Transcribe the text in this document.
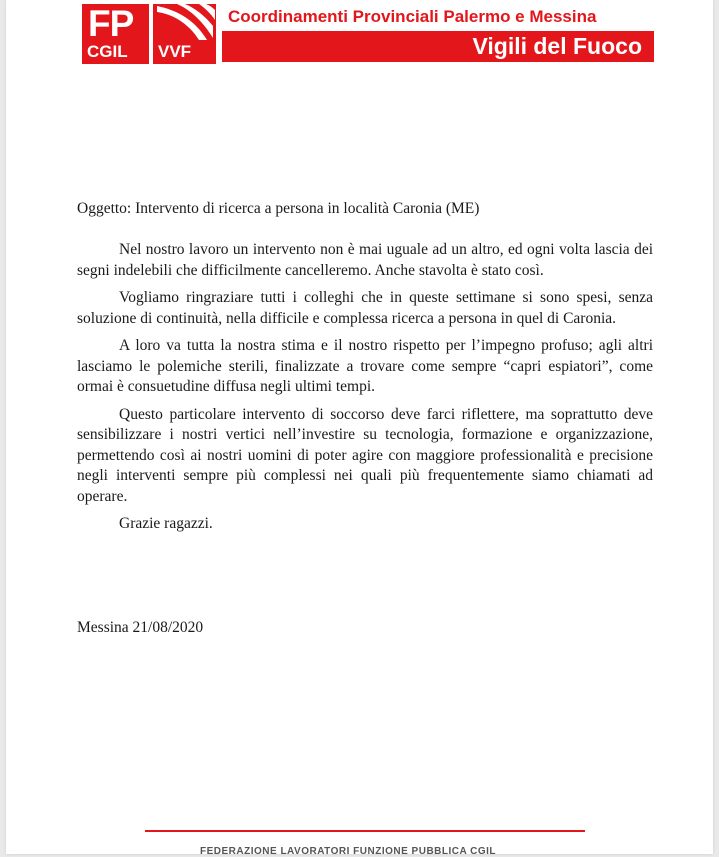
FP
CGIL VVF
Coordinamenti Provinciali Palermo e Messina
Vigili del Fuoco
Oggetto: Intervento di ricerca a persona in località Caronia (ME)

Nel nostro lavoro un intervento non è mai uguale ad un altro, ed ogni volta lascia dei segni indelebili che difficilmente cancelleremo. Anche stavolta è stato così.

Vogliamo ringraziare tutti i colleghi che in queste settimane si sono spesi, senza soluzione di continuità, nella difficile e complessa ricerca a persona in quel di Caronia.

A loro va tutta la nostra stima e il nostro rispetto per l’impegno profuso; agli altri lasciamo le polemiche sterili, finalizzate a trovare come sempre “capri espiatori”, come ormai è consuetudine diffusa negli ultimi tempi.

Questo particolare intervento di soccorso deve farci riflettere, ma soprattutto deve sensibilizzare i nostri vertici nell’investire su tecnologia, formazione e organizzazione, permettendo così ai nostri uomini di poter agire con maggiore professionalità e precisione negli interventi sempre più complessi nei quali più frequentemente siamo chiamati ad operare.

Grazie ragazzi.

Messina 21/08/2020
FEDERAZIONE LAVORATORI FUNZIONE PUBBLICA CGIL
